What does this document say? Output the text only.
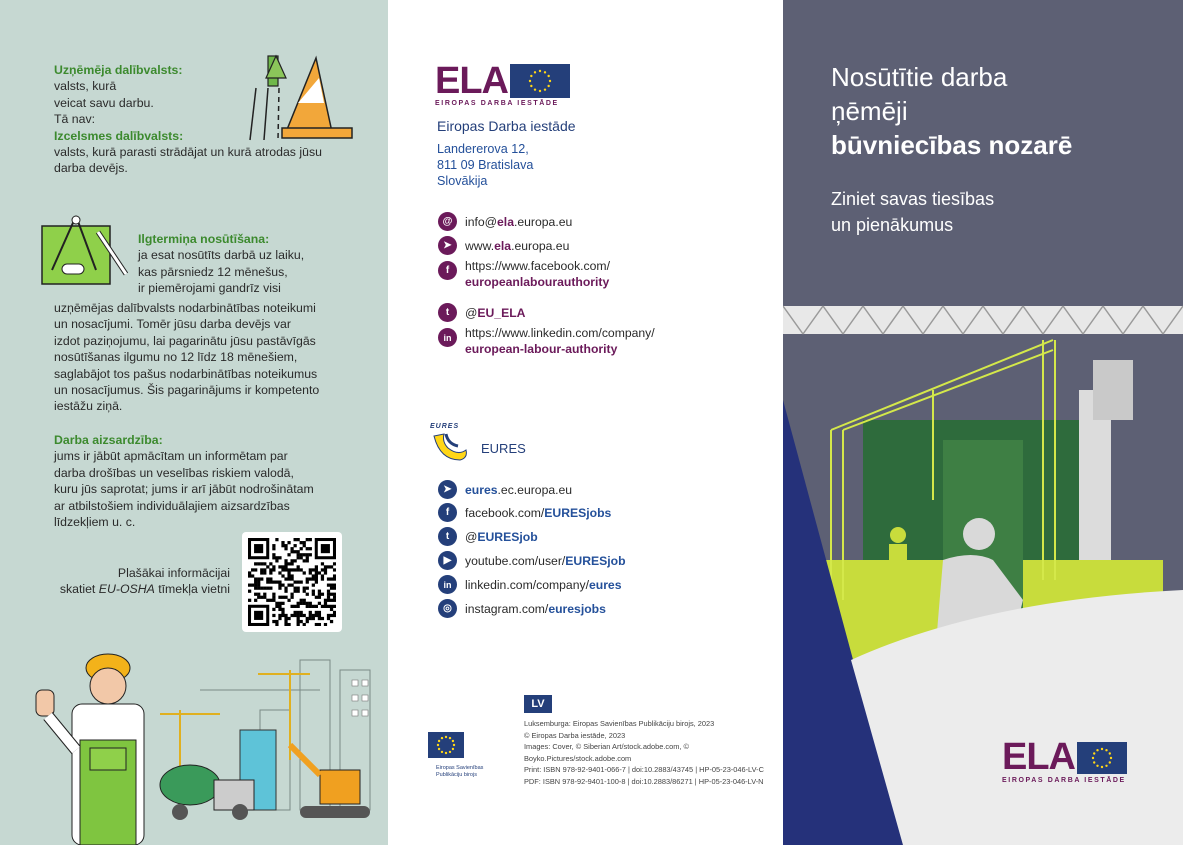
Uzņēmēja dalībvalsts:
valsts, kurā
veicat savu darbu.
Tā nav:
Izcelsmes dalībvalsts:
valsts, kurā parasti strādājat un kurā atrodas jūsu
darba devējs.
Ilgtermiņa nosūtīšana:
ja esat nosūtīts darbā uz laiku,
kas pārsniedz 12 mēnešus,
ir piemērojami gandrīz visi
uzņēmējas dalībvalsts nodarbinātības noteikumi
un nosacījumi. Tomēr jūsu darba devējs var
izdot paziņojumu, lai pagarinātu jūsu pastāvīgās
nosūtīšanas ilgumu no 12 līdz 18 mēnešiem,
saglabājot tos pašus nodarbinātības noteikumus
un nosacījumus. Šis pagarinājums ir kompetento
iestāžu ziņā.
Darba aizsardzība:
jums ir jābūt apmācītam un informētam par
darba drošības un veselības riskiem valodā,
kuru jūs saprotat; jums ir arī jābūt nodrošinātam
ar atbilstošiem individuālajiem aizsardzības
līdzekļiem u. c.
Plašākai informācijai
skatiet EU-OSHA tīmekļa vietni
ELA
EIROPAS DARBA IESTĀDE
Eiropas Darba iestāde
Landererova 12,
811 09 Bratislava
Slovākija
@	info@ela.europa.eu
➤	www.ela.europa.eu
f	https://www.facebook.com/
europeanlabourauthority
t	@EU_ELA
in	https://www.linkedin.com/company/
european-labour-authority
EURES
EURES
➤	eures.ec.europa.eu
f	facebook.com/EURESjobs
t	@EURESjob
▶	youtube.com/user/EURESjob
in	linkedin.com/company/eures
◎	instagram.com/euresjobs
LV
Eiropas Savienības Publikāciju birojs
Luksemburga: Eiropas Savienības Publikāciju birojs, 2023
© Eiropas Darba iestāde, 2023
Images: Cover, © Siberian Art/stock.adobe.com, © Boyko.Pictures/stock.adobe.com
Print: ISBN 978-92-9401-066-7 | doi:10.2883/43745 | HP-05-23-046-LV-C
PDF: ISBN 978-92-9401-100-8 | doi:10.2883/86271 | HP-05-23-046-LV-N
Nosūtītie darba
ņēmēji
būvniecības nozarē
Ziniet savas tiesības
un pienākumus
ELA
EIROPAS DARBA IESTĀDE
